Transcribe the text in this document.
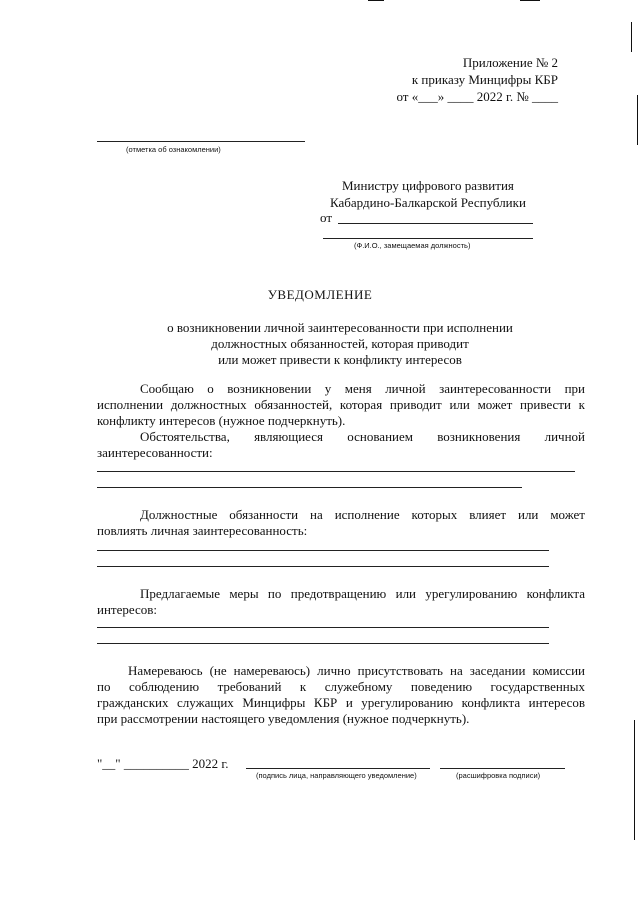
Приложение № 2
к приказу Минцифры КБР
от «___» ____ 2022 г. № ____
(отметка об ознакомлении)
Министру цифрового развития
Кабардино-Балкарской Республики
от
(Ф.И.О., замещаемая должность)
УВЕДОМЛЕНИЕ
о возникновении личной заинтересованности при исполнении
должностных обязанностей, которая приводит
или может привести к конфликту интересов
Сообщаю о возникновении у меня личной заинтересованности при
исполнении должностных обязанностей, которая приводит или может привести к
конфликту интересов (нужное подчеркнуть).
Обстоятельства, являющиеся основанием возникновения личной
заинтересованности:
Должностные обязанности на исполнение которых влияет или может
повлиять личная заинтересованность:
Предлагаемые меры по предотвращению или урегулированию конфликта
интересов:
Намереваюсь (не намереваюсь) лично присутствовать на заседании комиссии
по соблюдению требований к служебному поведению государственных
гражданских служащих Минцифры КБР и урегулированию конфликта интересов
при рассмотрении настоящего уведомления (нужное подчеркнуть).
"__" __________ 2022 г.
(подпись лица, направляющего уведомление)	(расшифровка подписи)
